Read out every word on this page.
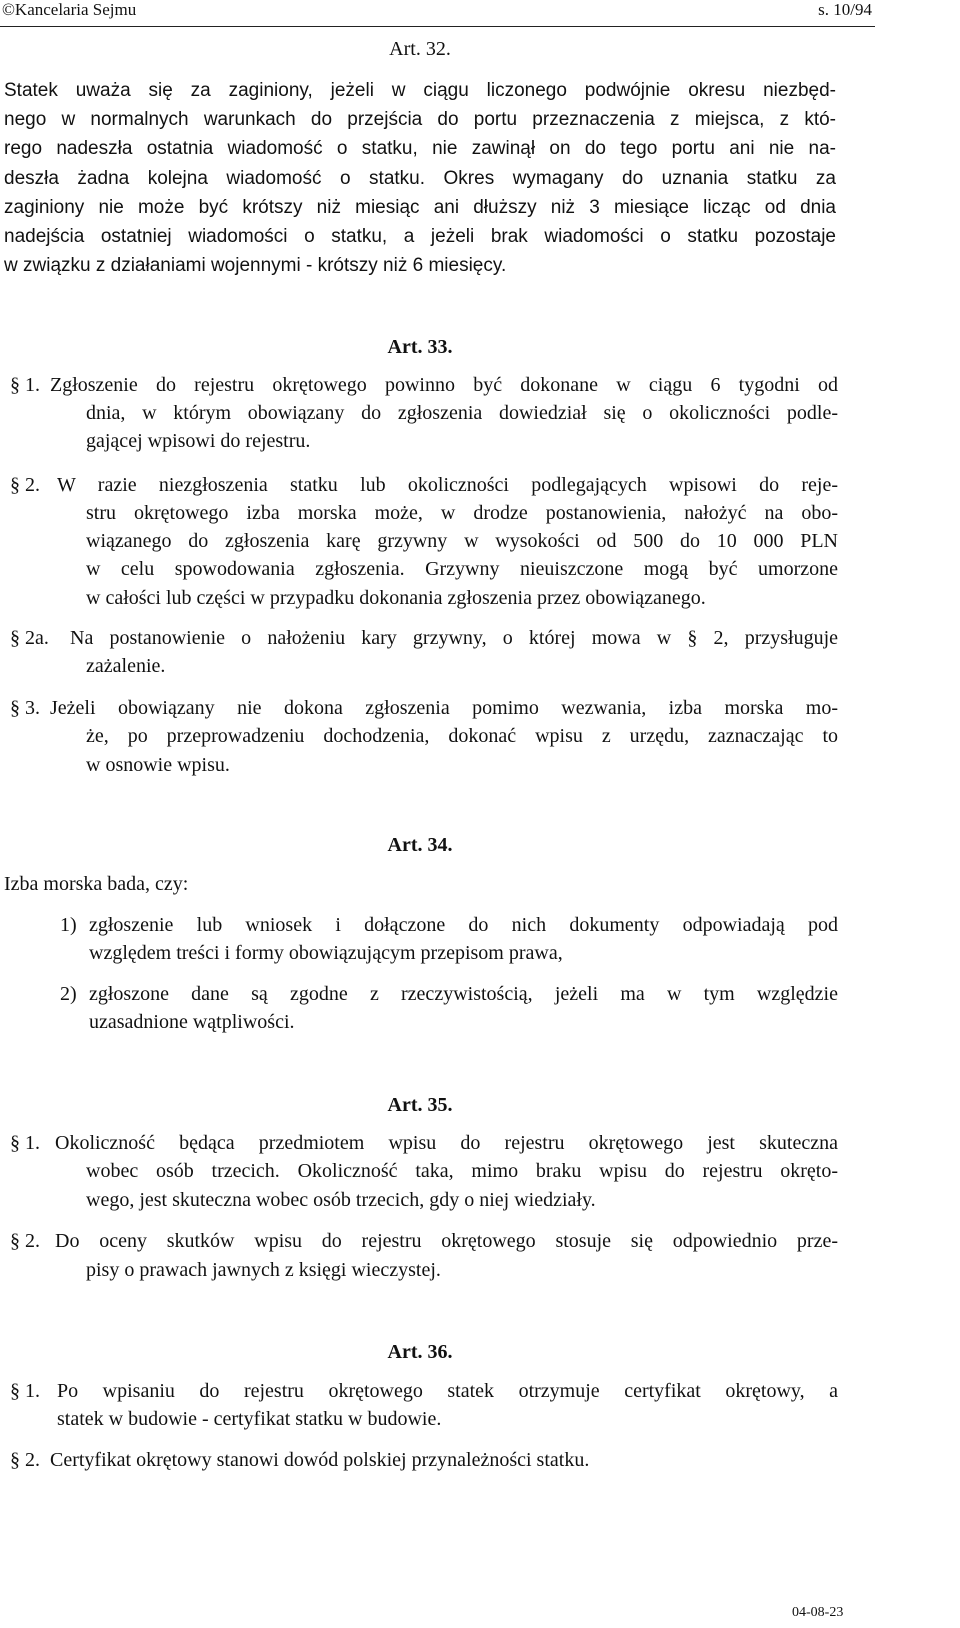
©Kancelaria Sejmu	s. 10/94
Art. 32.
Statek uważa się za zaginiony, jeżeli w ciągu liczonego podwójnie okresu niezbęd-
nego w normalnych warunkach do przejścia do portu przeznaczenia z miejsca, z któ-
rego nadeszła ostatnia wiadomość o statku, nie zawinął on do tego portu ani nie na-
deszła żadna kolejna wiadomość o statku. Okres wymagany do uznania statku za
zaginiony nie może być krótszy niż miesiąc ani dłuższy niż 3 miesiące licząc od dnia
nadejścia ostatniej wiadomości o statku, a jeżeli brak wiadomości o statku pozostaje
w związku z działaniami wojennymi - krótszy niż 6 miesięcy.
Art. 33.
§ 1. Zgłoszenie do rejestru okrętowego powinno być dokonane w ciągu 6 tygodni od
dnia, w którym obowiązany do zgłoszenia dowiedział się o okoliczności podle-
gającej wpisowi do rejestru.
§ 2. W razie niezgłoszenia statku lub okoliczności podlegających wpisowi do reje-
stru okrętowego izba morska może, w drodze postanowienia, nałożyć na obo-
wiązanego do zgłoszenia karę grzywny w wysokości od 500 do 10 000 PLN
w celu spowodowania zgłoszenia. Grzywny nieuiszczone mogą być umorzone
w całości lub części w przypadku dokonania zgłoszenia przez obowiązanego.
§ 2a. Na postanowienie o nałożeniu kary grzywny, o której mowa w § 2, przysługuje
zażalenie.
§ 3. Jeżeli obowiązany nie dokona zgłoszenia pomimo wezwania, izba morska mo-
że, po przeprowadzeniu dochodzenia, dokonać wpisu z urzędu, zaznaczając to
w osnowie wpisu.
Art. 34.
Izba morska bada, czy:
1) zgłoszenie lub wniosek i dołączone do nich dokumenty odpowiadają pod
względem treści i formy obowiązującym przepisom prawa,
2) zgłoszone dane są zgodne z rzeczywistością, jeżeli ma w tym względzie
uzasadnione wątpliwości.
Art. 35.
§ 1. Okoliczność będąca przedmiotem wpisu do rejestru okrętowego jest skuteczna
wobec osób trzecich. Okoliczność taka, mimo braku wpisu do rejestru okręto-
wego, jest skuteczna wobec osób trzecich, gdy o niej wiedziały.
§ 2. Do oceny skutków wpisu do rejestru okrętowego stosuje się odpowiednio prze-
pisy o prawach jawnych z księgi wieczystej.
Art. 36.
§ 1. Po wpisaniu do rejestru okrętowego statek otrzymuje certyfikat okrętowy, a
statek w budowie - certyfikat statku w budowie.
§ 2. Certyfikat okrętowy stanowi dowód polskiej przynależności statku.
04-08-23
